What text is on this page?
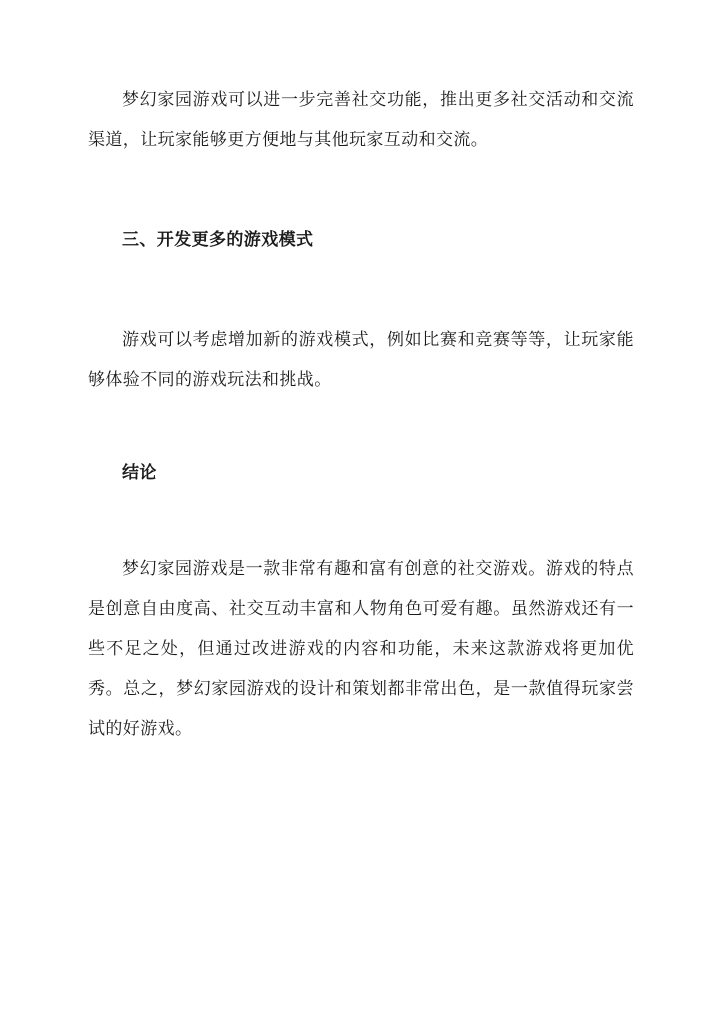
梦幻家园游戏可以进一步完善社交功能，推出更多社交活动和交流渠道，让玩家能够更方便地与其他玩家互动和交流。

三、开发更多的游戏模式

游戏可以考虑增加新的游戏模式，例如比赛和竞赛等等，让玩家能够体验不同的游戏玩法和挑战。

结论

梦幻家园游戏是一款非常有趣和富有创意的社交游戏。游戏的特点是创意自由度高、社交互动丰富和人物角色可爱有趣。虽然游戏还有一些不足之处，但通过改进游戏的内容和功能，未来这款游戏将更加优秀。总之，梦幻家园游戏的设计和策划都非常出色，是一款值得玩家尝试的好游戏。
